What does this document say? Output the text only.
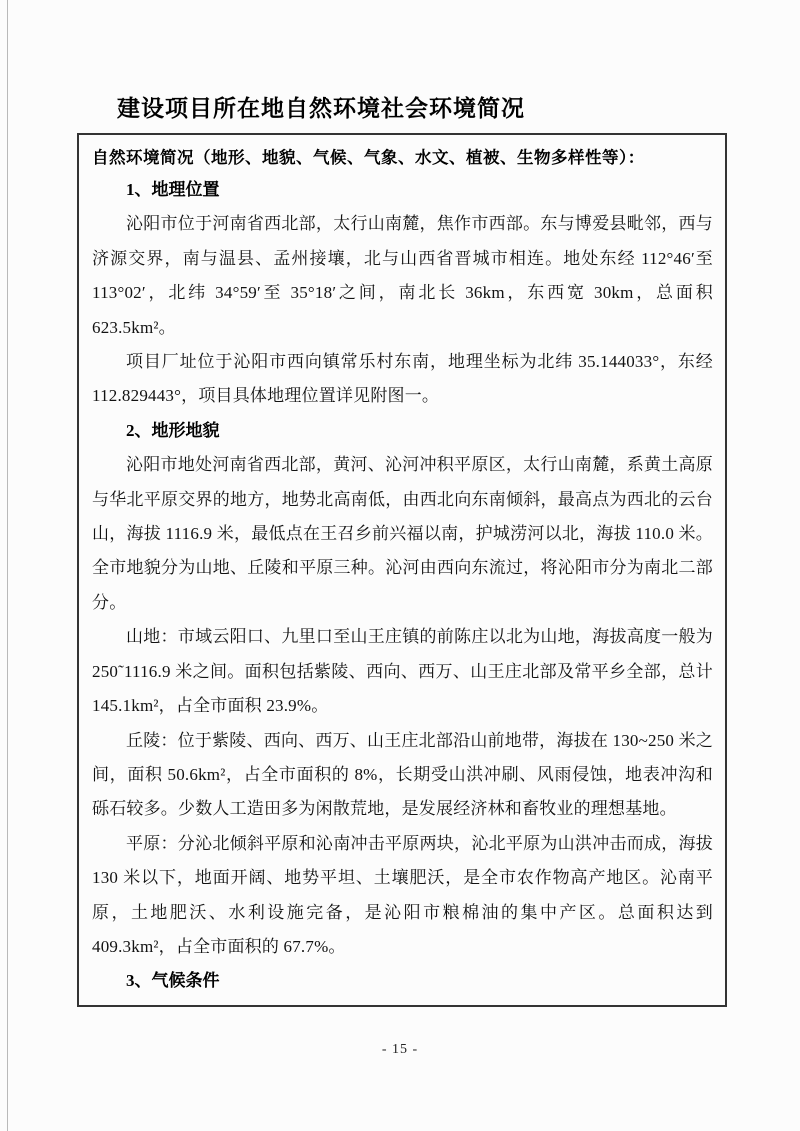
建设项目所在地自然环境社会环境简况
自然环境简况（地形、地貌、气候、气象、水文、植被、生物多样性等）：
1、地理位置

沁阳市位于河南省西北部，太行山南麓，焦作市西部。东与博爱县毗邻，西与济源交界，南与温县、孟州接壤，北与山西省晋城市相连。地处东经 112°46′至 113°02′，北纬 34°59′至 35°18′之间，南北长 36km，东西宽 30km，总面积 623.5km²。

项目厂址位于沁阳市西向镇常乐村东南，地理坐标为北纬 35.144033°，东经 112.829443°，项目具体地理位置详见附图一。

2、地形地貌

沁阳市地处河南省西北部，黄河、沁河冲积平原区，太行山南麓，系黄土高原与华北平原交界的地方，地势北高南低，由西北向东南倾斜，最高点为西北的云台山，海拔 1116.9 米，最低点在王召乡前兴福以南，护城涝河以北，海拔 110.0 米。全市地貌分为山地、丘陵和平原三种。沁河由西向东流过，将沁阳市分为南北二部分。

山地：市域云阳口、九里口至山王庄镇的前陈庄以北为山地，海拔高度一般为 250˜1116.9 米之间。面积包括紫陵、西向、西万、山王庄北部及常平乡全部，总计 145.1km²，占全市面积 23.9%。

丘陵：位于紫陵、西向、西万、山王庄北部沿山前地带，海拔在 130~250 米之间，面积 50.6km²，占全市面积的 8%，长期受山洪冲刷、风雨侵蚀，地表冲沟和砾石较多。少数人工造田多为闲散荒地，是发展经济林和畜牧业的理想基地。

平原：分沁北倾斜平原和沁南冲击平原两块，沁北平原为山洪冲击而成，海拔 130 米以下，地面开阔、地势平坦、土壤肥沃，是全市农作物高产地区。沁南平原，土地肥沃、水利设施完备，是沁阳市粮棉油的集中产区。总面积达到 409.3km²，占全市面积的 67.7%。

3、气候条件

- 15 -
